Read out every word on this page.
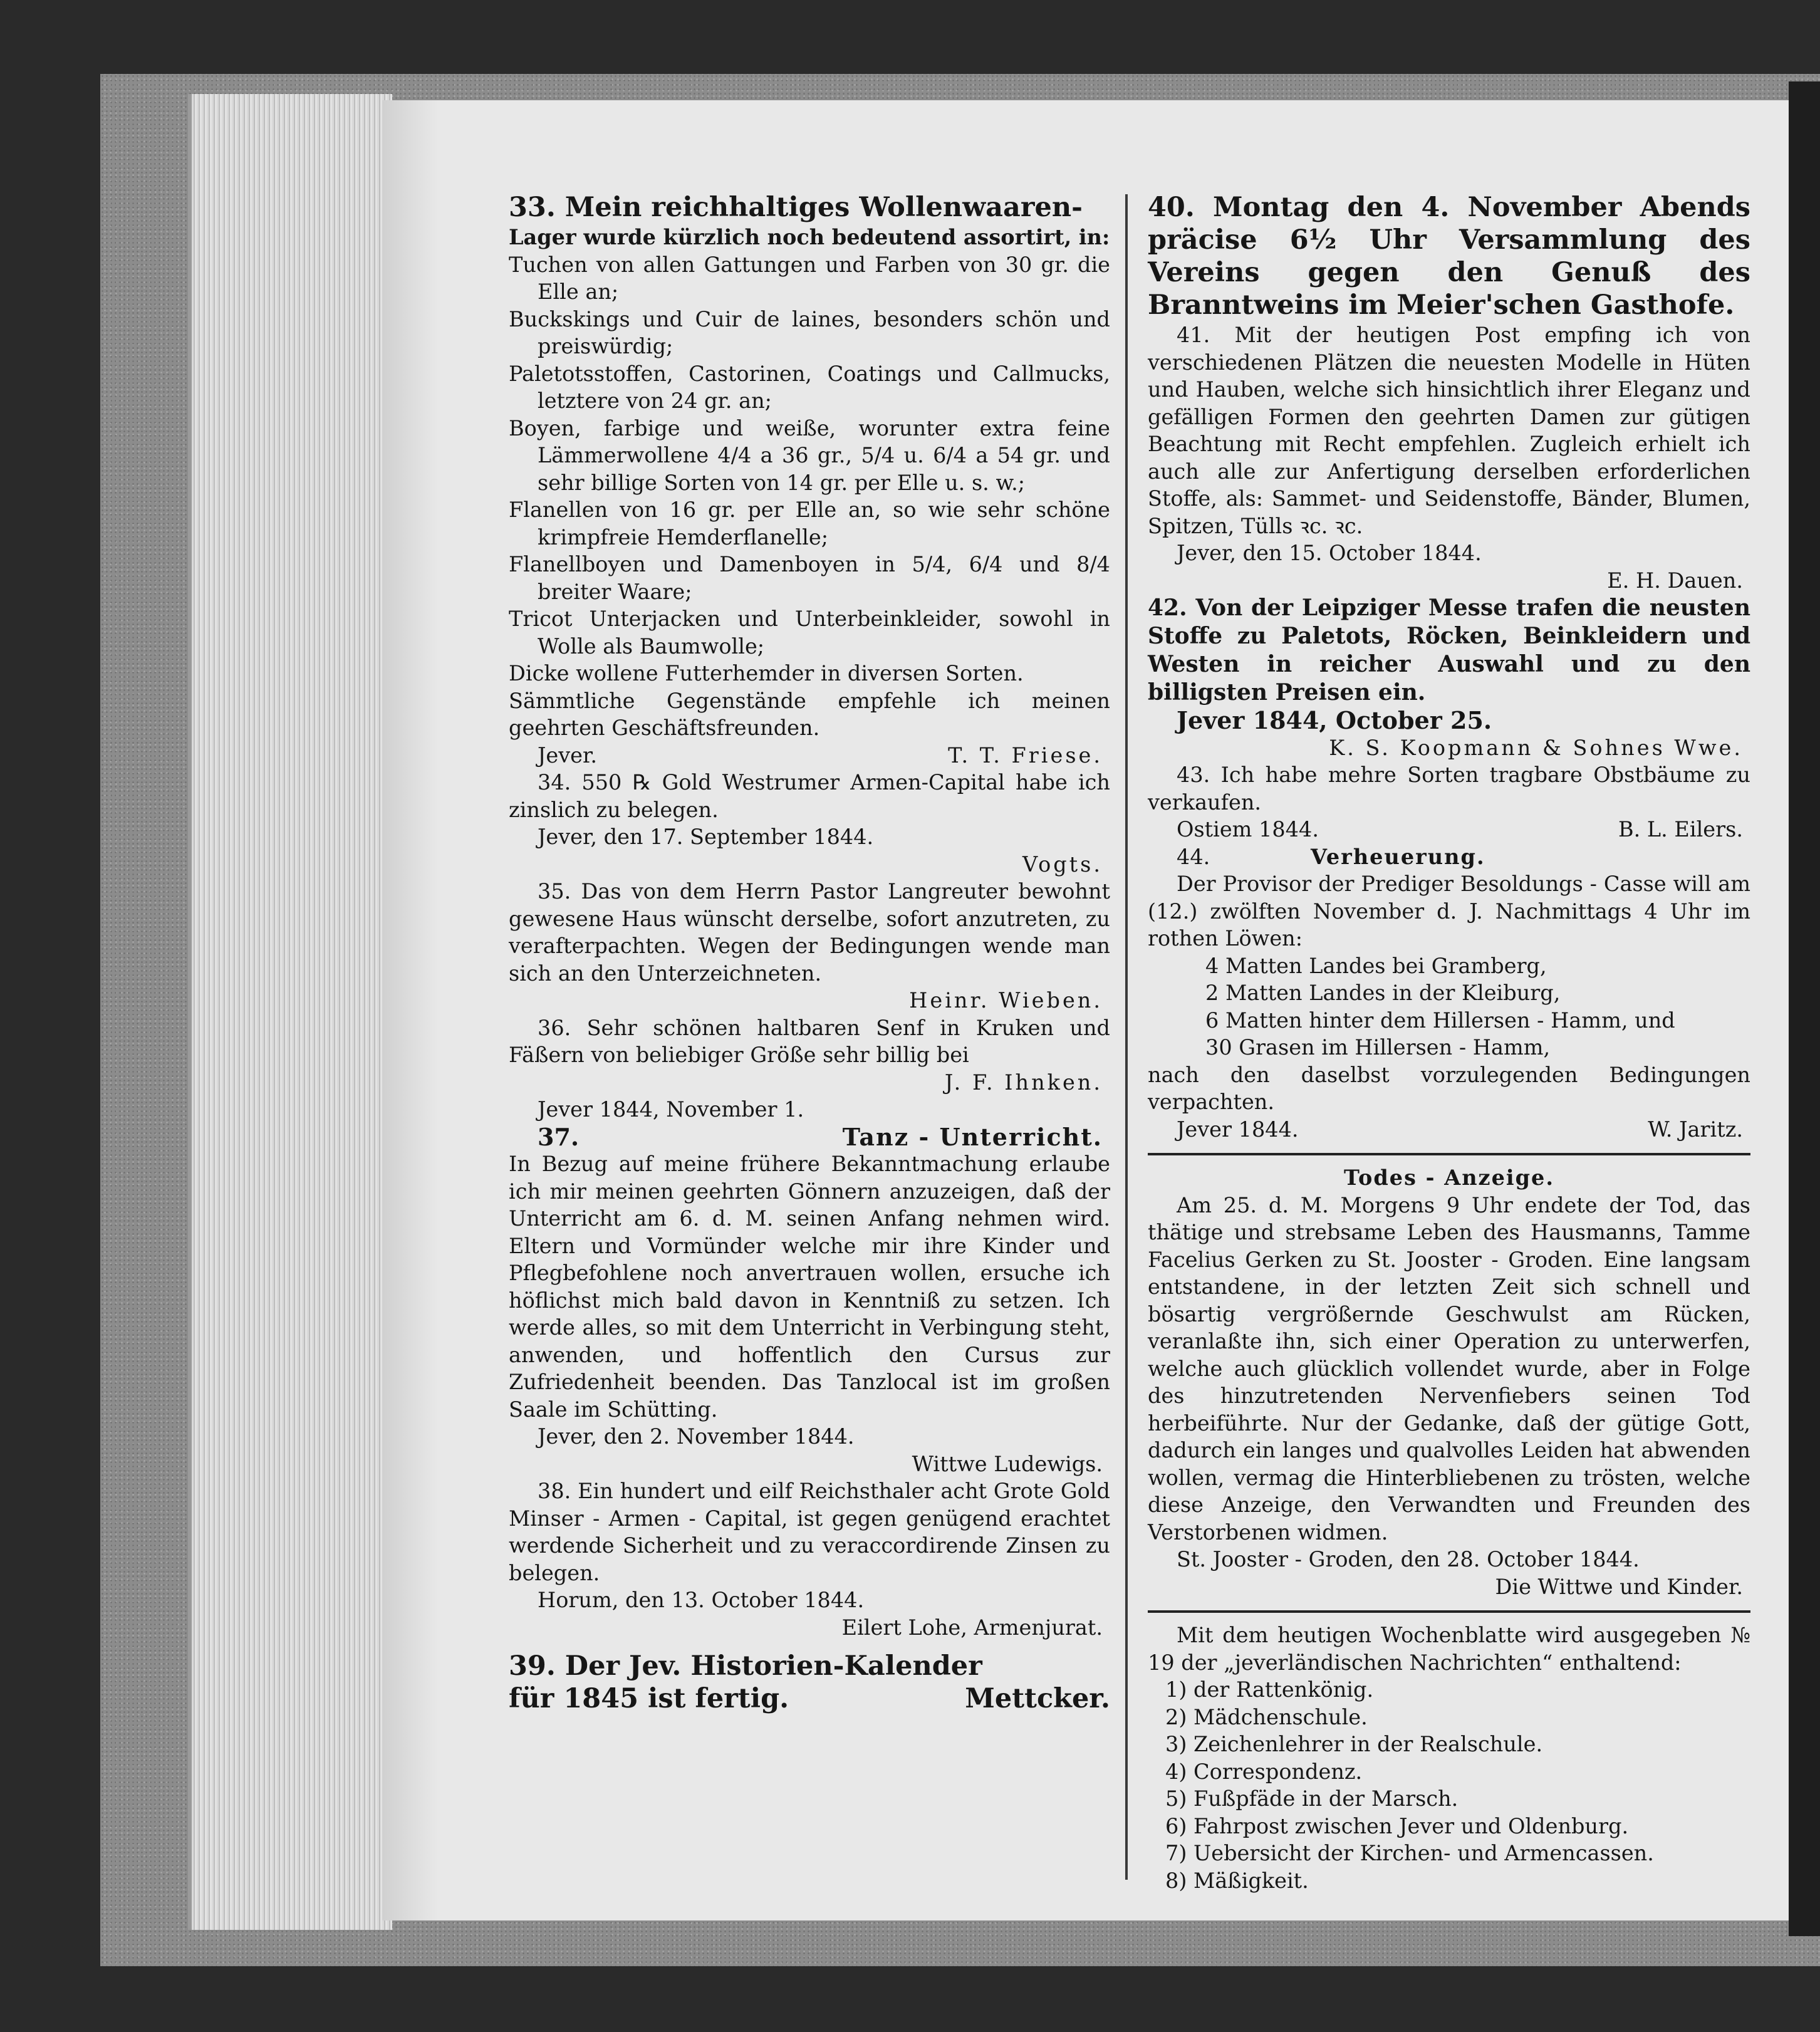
33. Mein reichhaltiges Wollenwaaren-

Lager wurde kürzlich noch bedeutend assortirt, in:

Tuchen von allen Gattungen und Farben von 30 gr. die Elle an;

Buckskings und Cuir de laines, besonders schön und preiswürdig;

Paletotsstoffen, Castorinen, Coatings und Callmucks, letztere von 24 gr. an;

Boyen, farbige und weiße, worunter extra feine Lämmerwollene 4/4 a 36 gr., 5/4 u. 6/4 a 54 gr. und sehr billige Sorten von 14 gr. per Elle u. s. w.;

Flanellen von 16 gr. per Elle an, so wie sehr schöne krimpfreie Hemderflanelle;

Flanellboyen und Damenboyen in 5/4, 6/4 und 8/4 breiter Waare;

Tricot Unterjacken und Unterbeinkleider, sowohl in Wolle als Baumwolle;

Dicke wollene Futterhemder in diversen Sorten.

Sämmtliche Gegenstände empfehle ich meinen geehrten Geschäftsfreunden.

Jever.	T. T. Friese.

34. 550 ℞ Gold Westrumer Armen-Capital habe ich zinslich zu belegen.

Jever, den 17. September 1844.

Vogts.

35. Das von dem Herrn Pastor Langreuter bewohnt gewesene Haus wünscht derselbe, sofort anzutreten, zu verafterpachten. Wegen der Bedingungen wende man sich an den Unterzeichneten.

Heinr. Wieben.

36. Sehr schönen haltbaren Senf in Kruken und Fäßern von beliebiger Größe sehr billig bei

J. F. Ihnken.

Jever 1844, November 1.

37.	Tanz - Unterricht.

In Bezug auf meine frühere Bekanntmachung erlaube ich mir meinen geehrten Gönnern anzuzeigen, daß der Unterricht am 6. d. M. seinen Anfang nehmen wird. Eltern und Vormünder welche mir ihre Kinder und Pflegbefohlene noch anvertrauen wollen, ersuche ich höflichst mich bald davon in Kenntniß zu setzen. Ich werde alles, so mit dem Unterricht in Verbingung steht, anwenden, und hoffentlich den Cursus zur Zufriedenheit beenden. Das Tanzlocal ist im großen Saale im Schütting.

Jever, den 2. November 1844.

Wittwe Ludewigs.

38. Ein hundert und eilf Reichsthaler acht Grote Gold Minser - Armen - Capital, ist gegen genügend erachtet werdende Sicherheit und zu veraccordirende Zinsen zu belegen.

Horum, den 13. October 1844.

Eilert Lohe, Armenjurat.

39. Der Jev. Historien-Kalender

für 1845 ist fertig.	Mettcker.

40. Montag den 4. November Abends präcise 6½ Uhr Versammlung des Vereins gegen den Genuß des Branntweins im Meier'schen Gasthofe.

41. Mit der heutigen Post empfing ich von verschiedenen Plätzen die neuesten Modelle in Hüten und Hauben, welche sich hinsichtlich ihrer Eleganz und gefälligen Formen den geehrten Damen zur gütigen Beachtung mit Recht empfehlen. Zugleich erhielt ich auch alle zur Anfertigung derselben erforderlichen Stoffe, als: Sammet- und Seidenstoffe, Bänder, Blumen, Spitzen, Tülls ꝛc. ꝛc.

Jever, den 15. October 1844.

E. H. Dauen.

42. Von der Leipziger Messe trafen die neusten Stoffe zu Paletots, Röcken, Beinkleidern und Westen in reicher Auswahl und zu den billigsten Preisen ein.

Jever 1844, October 25.

K. S. Koopmann & Sohnes Wwe.

43. Ich habe mehre Sorten tragbare Obstbäume zu verkaufen.

Ostiem 1844.	B. L. Eilers.

44.	Verheuerung.

Der Provisor der Prediger Besoldungs - Casse will am (12.) zwölften November d. J. Nachmittags 4 Uhr im rothen Löwen:

4 Matten Landes bei Gramberg,

2 Matten Landes in der Kleiburg,

6 Matten hinter dem Hillersen - Hamm, und

30 Grasen im Hillersen - Hamm,

nach den daselbst vorzulegenden Bedingungen verpachten.

Jever 1844.	W. Jaritz.

Todes - Anzeige.

Am 25. d. M. Morgens 9 Uhr endete der Tod, das thätige und strebsame Leben des Hausmanns, Tamme Facelius Gerken zu St. Jooster - Groden. Eine langsam entstandene, in der letzten Zeit sich schnell und bösartig vergrößernde Geschwulst am Rücken, veranlaßte ihn, sich einer Operation zu unterwerfen, welche auch glücklich vollendet wurde, aber in Folge des hinzutretenden Nervenfiebers seinen Tod herbeiführte. Nur der Gedanke, daß der gütige Gott, dadurch ein langes und qualvolles Leiden hat abwenden wollen, vermag die Hinterbliebenen zu trösten, welche diese Anzeige, den Verwandten und Freunden des Verstorbenen widmen.

St. Jooster - Groden, den 28. October 1844.

Die Wittwe und Kinder.

Mit dem heutigen Wochenblatte wird ausgegeben № 19 der „jeverländischen Nachrichten“ enthaltend:

1) der Rattenkönig.

2) Mädchenschule.

3) Zeichenlehrer in der Realschule.

4) Correspondenz.

5) Fußpfäde in der Marsch.

6) Fahrpost zwischen Jever und Oldenburg.

7) Uebersicht der Kirchen- und Armencassen.

8) Mäßigkeit.
